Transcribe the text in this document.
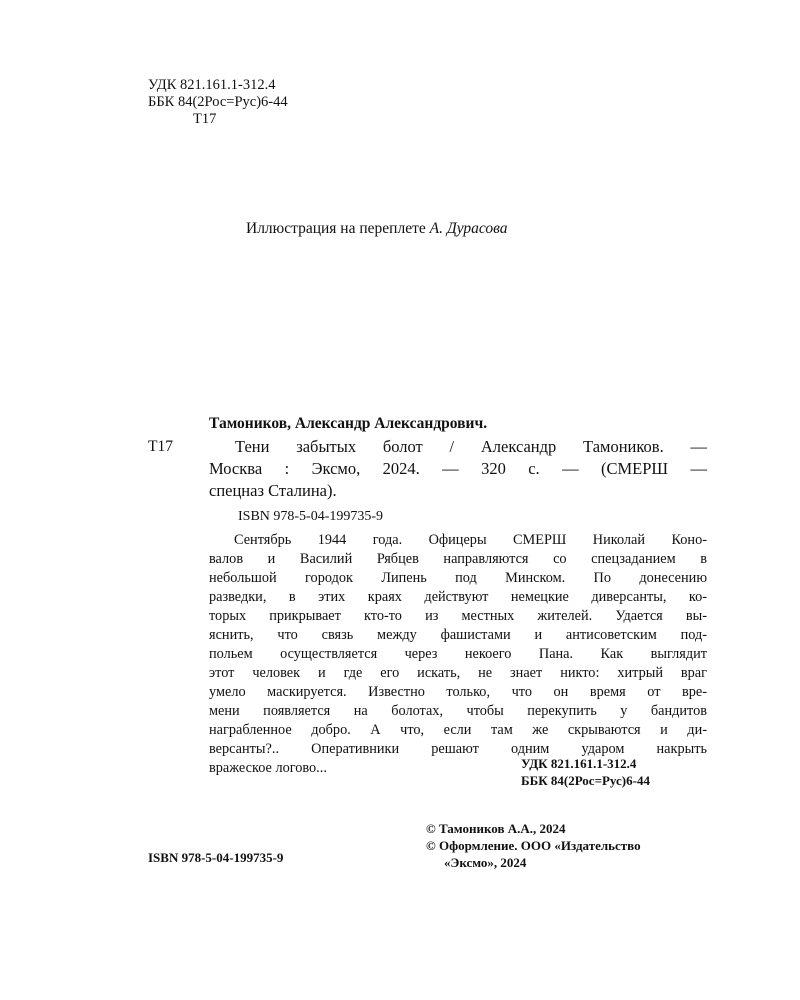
УДК 821.161.1-312.4
ББК 84(2Рос=Рус)6-44
Т17
Иллюстрация на переплете А. Дурасова
Тамоников, Александр Александрович.
Т17	Тени забытых болот / Александр Тамоников. —
Москва : Эксмо, 2024. — 320 с. — (СМЕРШ —
спецназ Сталина).
ISBN 978-5-04-199735-9
Сентябрь 1944 года. Офицеры СМЕРШ Николай Коно-
валов и Василий Рябцев направляются со спецзаданием в
небольшой городок Липень под Минском. По донесению
разведки, в этих краях действуют немецкие диверсанты, ко-
торых прикрывает кто-то из местных жителей. Удается вы-
яснить, что связь между фашистами и антисоветским под-
польем осуществляется через некоего Пана. Как выглядит
этот человек и где его искать, не знает никто: хитрый враг
умело маскируется. Известно только, что он время от вре-
мени появляется на болотах, чтобы перекупить у бандитов
награбленное добро. А что, если там же скрываются и ди-
версанты?.. Оперативники решают одним ударом накрыть
вражеское логово...	УДК 821.161.1-312.4
ББК 84(2Рос=Рус)6-44
© Тамоников А.А., 2024
© Оформление. ООО «Издательство
«Эксмо», 2024
ISBN 978-5-04-199735-9
